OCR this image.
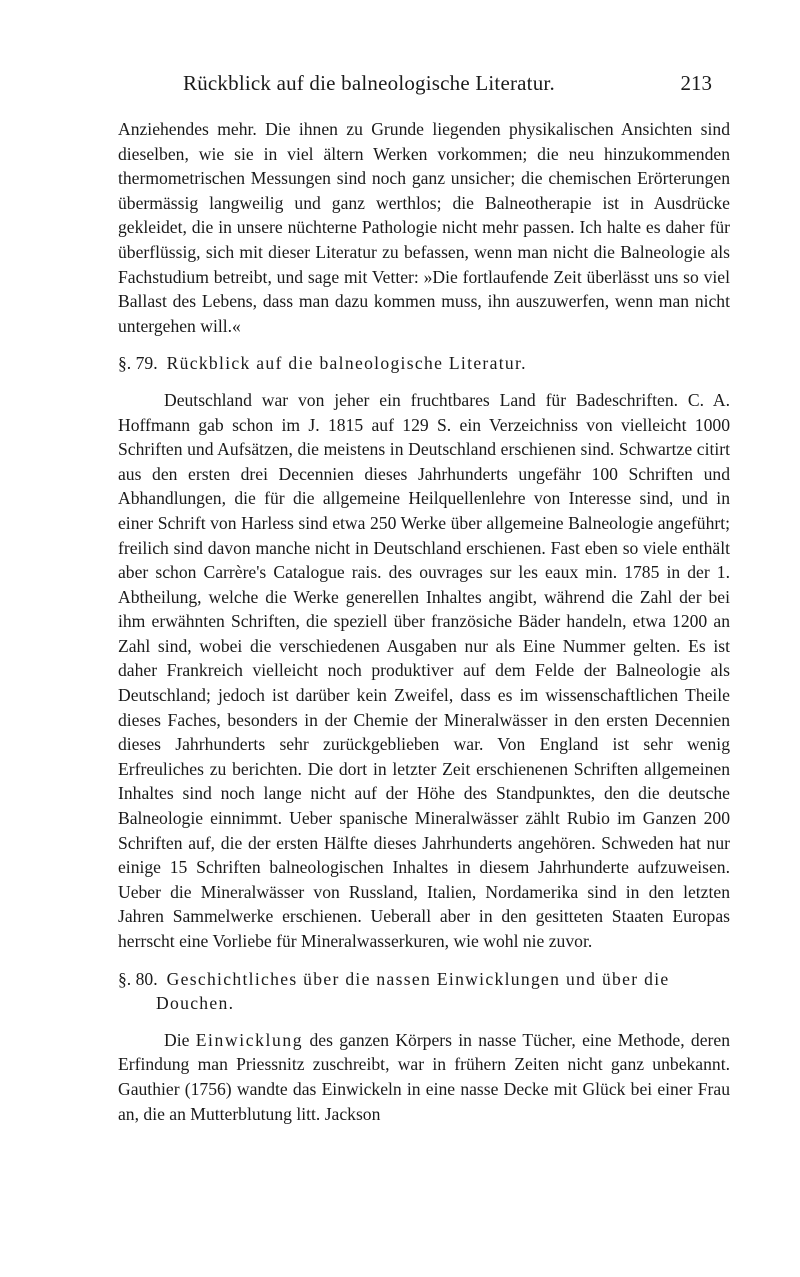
Rückblick auf die balneologische Literatur.	213

Anziehendes mehr. Die ihnen zu Grunde liegenden physikalischen Ansichten sind dieselben, wie sie in viel ältern Werken vorkommen; die neu hinzukommenden thermometrischen Messungen sind noch ganz unsicher; die chemischen Erörterungen übermässig langweilig und ganz werthlos; die Balneotherapie ist in Ausdrücke gekleidet, die in unsere nüchterne Pathologie nicht mehr passen. Ich halte es daher für überflüssig, sich mit dieser Literatur zu befassen, wenn man nicht die Balneologie als Fachstudium betreibt, und sage mit Vetter: »Die fortlaufende Zeit überlässt uns so viel Ballast des Lebens, dass man dazu kommen muss, ihn auszuwerfen, wenn man nicht untergehen will.«

§. 79. Rückblick auf die balneologische Literatur.

Deutschland war von jeher ein fruchtbares Land für Badeschriften. C. A. Hoffmann gab schon im J. 1815 auf 129 S. ein Verzeichniss von vielleicht 1000 Schriften und Aufsätzen, die meistens in Deutschland erschienen sind. Schwartze citirt aus den ersten drei Decennien dieses Jahrhunderts ungefähr 100 Schriften und Abhandlungen, die für die allgemeine Heilquellenlehre von Interesse sind, und in einer Schrift von Harless sind etwa 250 Werke über allgemeine Balneologie angeführt; freilich sind davon manche nicht in Deutschland erschienen. Fast eben so viele enthält aber schon Carrère's Catalogue rais. des ouvrages sur les eaux min. 1785 in der 1. Abtheilung, welche die Werke generellen Inhaltes angibt, während die Zahl der bei ihm erwähnten Schriften, die speziell über französiche Bäder handeln, etwa 1200 an Zahl sind, wobei die verschiedenen Ausgaben nur als Eine Nummer gelten. Es ist daher Frankreich vielleicht noch produktiver auf dem Felde der Balneologie als Deutschland; jedoch ist darüber kein Zweifel, dass es im wissenschaftlichen Theile dieses Faches, besonders in der Chemie der Mineralwässer in den ersten Decennien dieses Jahrhunderts sehr zurückgeblieben war. Von England ist sehr wenig Erfreuliches zu berichten. Die dort in letzter Zeit erschienenen Schriften allgemeinen Inhaltes sind noch lange nicht auf der Höhe des Standpunktes, den die deutsche Balneologie einnimmt. Ueber spanische Mineralwässer zählt Rubio im Ganzen 200 Schriften auf, die der ersten Hälfte dieses Jahrhunderts angehören. Schweden hat nur einige 15 Schriften balneologischen Inhaltes in diesem Jahrhunderte aufzuweisen. Ueber die Mineralwässer von Russland, Italien, Nordamerika sind in den letzten Jahren Sammelwerke erschienen. Ueberall aber in den gesitteten Staaten Europas herrscht eine Vorliebe für Mineralwasserkuren, wie wohl nie zuvor.

§. 80. Geschichtliches über die nassen Einwicklungen und über die Douchen.

Die Einwicklung des ganzen Körpers in nasse Tücher, eine Methode, deren Erfindung man Priessnitz zuschreibt, war in frühern Zeiten nicht ganz unbekannt. Gauthier (1756) wandte das Einwickeln in eine nasse Decke mit Glück bei einer Frau an, die an Mutterblutung litt. Jackson
